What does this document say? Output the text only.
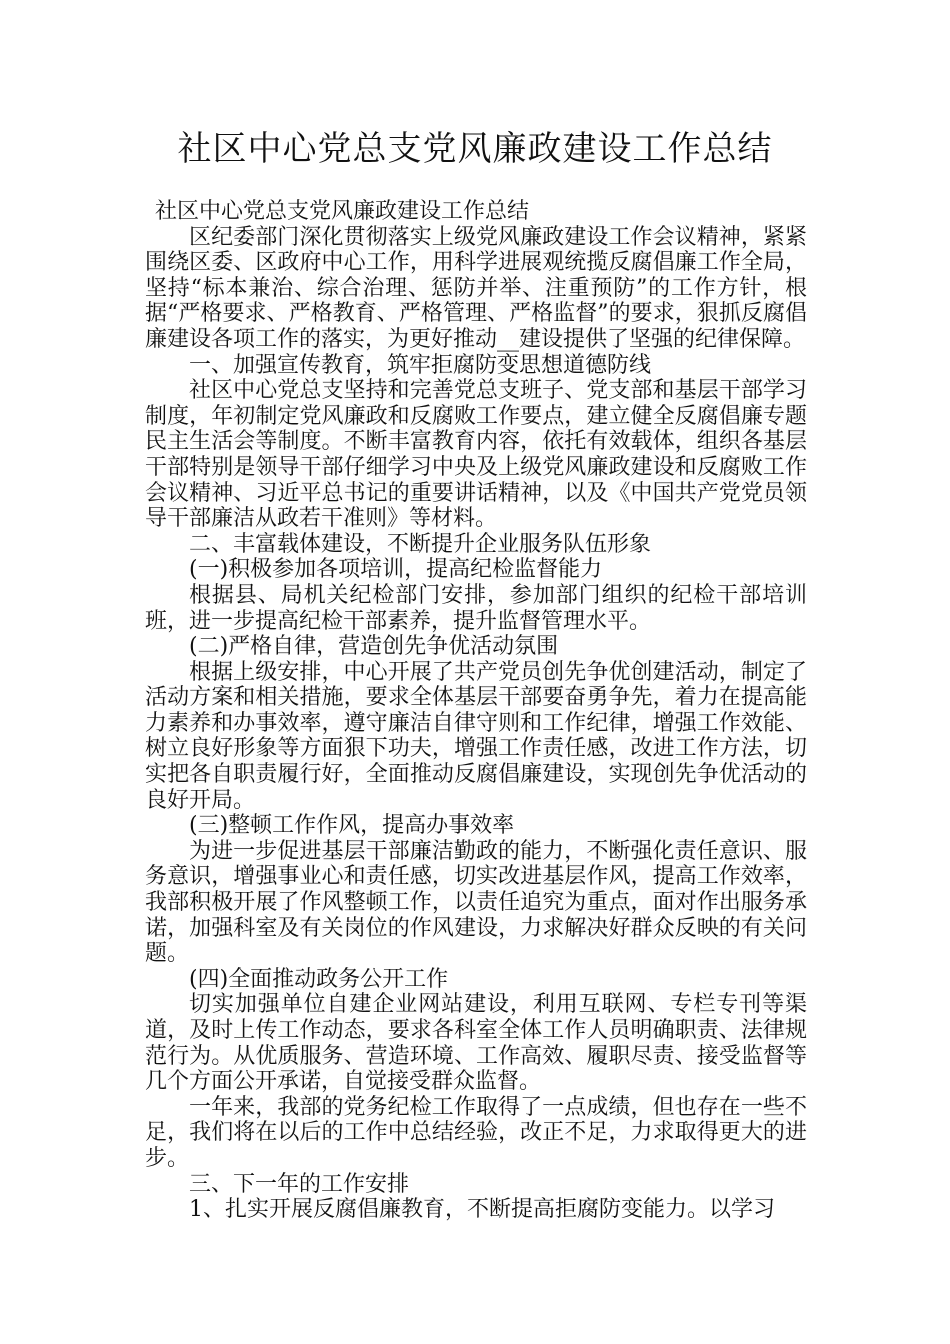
社区中心党总支党风廉政建设工作总结

社区中心党总支党风廉政建设工作总结

区纪委部门深化贯彻落实上级党风廉政建设工作会议精神，紧紧围绕区委、区政府中心工作，用科学进展观统揽反腐倡廉工作全局，坚持“标本兼治、综合治理、惩防并举、注重预防”的工作方针，根据“严格要求、严格教育、严格管理、严格监督”的要求，狠抓反腐倡廉建设各项工作的落实，为更好推动__建设提供了坚强的纪律保障。

一、加强宣传教育，筑牢拒腐防变思想道德防线

社区中心党总支坚持和完善党总支班子、党支部和基层干部学习制度，年初制定党风廉政和反腐败工作要点，建立健全反腐倡廉专题民主生活会等制度。不断丰富教育内容，依托有效载体，组织各基层干部特别是领导干部仔细学习中央及上级党风廉政建设和反腐败工作会议精神、习近平总书记的重要讲话精神，以及《中国共产党党员领导干部廉洁从政若干准则》等材料。

二、丰富载体建设，不断提升企业服务队伍形象

(一)积极参加各项培训，提高纪检监督能力

根据县、局机关纪检部门安排，参加部门组织的纪检干部培训班，进一步提高纪检干部素养，提升监督管理水平。

(二)严格自律，营造创先争优活动氛围

根据上级安排，中心开展了共产党员创先争优创建活动，制定了活动方案和相关措施，要求全体基层干部要奋勇争先，着力在提高能力素养和办事效率，遵守廉洁自律守则和工作纪律，增强工作效能、树立良好形象等方面狠下功夫，增强工作责任感，改进工作方法，切实把各自职责履行好，全面推动反腐倡廉建设，实现创先争优活动的良好开局。

(三)整顿工作作风，提高办事效率

为进一步促进基层干部廉洁勤政的能力，不断强化责任意识、服务意识，增强事业心和责任感，切实改进基层作风，提高工作效率，我部积极开展了作风整顿工作，以责任追究为重点，面对作出服务承诺，加强科室及有关岗位的作风建设，力求解决好群众反映的有关问题。

(四)全面推动政务公开工作

切实加强单位自建企业网站建设，利用互联网、专栏专刊等渠道，及时上传工作动态，要求各科室全体工作人员明确职责、法律规范行为。从优质服务、营造环境、工作高效、履职尽责、接受监督等几个方面公开承诺，自觉接受群众监督。

一年来，我部的党务纪检工作取得了一点成绩，但也存在一些不足，我们将在以后的工作中总结经验，改正不足，力求取得更大的进步。

三、下一年的工作安排

1、扎实开展反腐倡廉教育，不断提高拒腐防变能力。以学习
